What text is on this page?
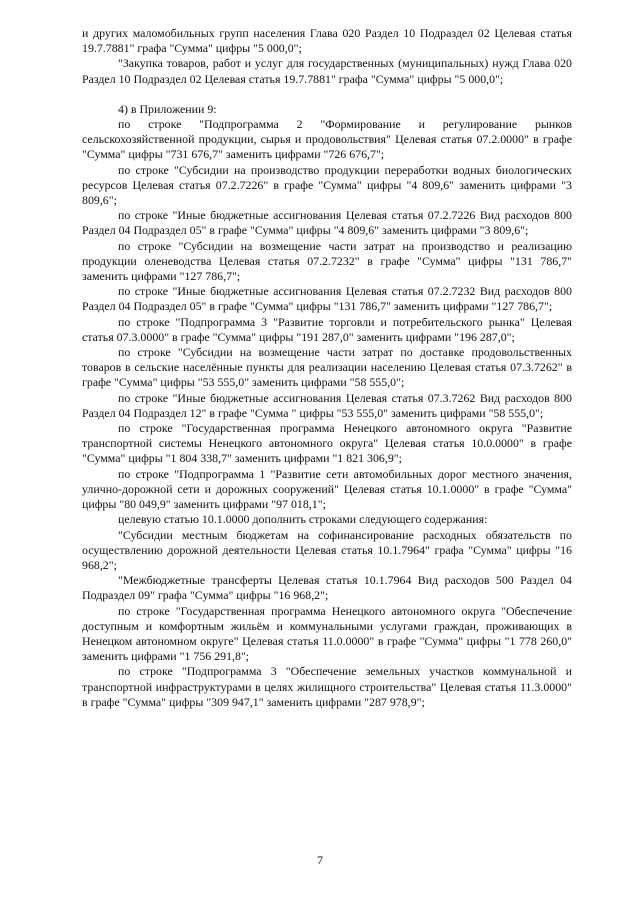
и других маломобильных групп населения Глава 020 Раздел 10 Подраздел 02 Целевая статья 19.7.7881" графа "Сумма" цифры "5 000,0";

"Закупка товаров, работ и услуг для государственных (муниципальных) нужд Глава 020 Раздел 10 Подраздел 02 Целевая статья 19.7.7881" графа "Сумма" цифры "5 000,0";

4) в Приложении 9:

по строке "Подпрограмма 2 "Формирование и регулирование рынков сельскохозяйственной продукции, сырья и продовольствия" Целевая статья 07.2.0000" в графе "Сумма" цифры "731 676,7" заменить цифрами "726 676,7";

по строке "Субсидии на производство продукции переработки водных биологических ресурсов Целевая статья 07.2.7226" в графе "Сумма" цифры "4 809,6" заменить цифрами "3 809,6";

по строке "Иные бюджетные ассигнования Целевая статья 07.2.7226 Вид расходов 800 Раздел 04 Подраздел 05" в графе "Сумма" цифры "4 809,6" заменить цифрами "3 809,6";

по строке "Субсидии на возмещение части затрат на производство и реализацию продукции оленеводства Целевая статья 07.2.7232" в графе "Сумма" цифры "131 786,7" заменить цифрами "127 786,7";

по строке "Иные бюджетные ассигнования Целевая статья 07.2.7232 Вид расходов 800 Раздел 04 Подраздел 05" в графе "Сумма" цифры "131 786,7" заменить цифрами "127 786,7";

по строке "Подпрограмма 3 "Развитие торговли и потребительского рынка" Целевая статья 07.3.0000" в графе "Сумма" цифры "191 287,0" заменить цифрами "196 287,0";

по строке "Субсидии на возмещение части затрат по доставке продовольственных товаров в сельские населённые пункты для реализации населению Целевая статья 07.3.7262" в графе "Сумма" цифры "53 555,0" заменить цифрами "58 555,0";

по строке "Иные бюджетные ассигнования Целевая статья 07.3.7262 Вид расходов 800 Раздел 04 Подраздел 12" в графе "Сумма " цифры "53 555,0" заменить цифрами "58 555,0";

по строке "Государственная программа Ненецкого автономного округа "Развитие транспортной системы Ненецкого автономного округа" Целевая статья 10.0.0000" в графе "Сумма" цифры "1 804 338,7" заменить цифрами "1 821 306,9";

по строке "Подпрограмма 1 "Развитие сети автомобильных дорог местного значения, улично-дорожной сети и дорожных сооружений" Целевая статья 10.1.0000" в графе "Сумма" цифры "80 049,9" заменить цифрами "97 018,1";

целевую статью 10.1.0000 дополнить строками следующего содержания:

"Субсидии местным бюджетам на софинансирование расходных обязательств по осуществлению дорожной деятельности Целевая статья 10.1.7964" графа "Сумма" цифры "16 968,2";

"Межбюджетные трансферты Целевая статья 10.1.7964 Вид расходов 500 Раздел 04 Подраздел 09" графа "Сумма" цифры "16 968,2";

по строке "Государственная программа Ненецкого автономного округа "Обеспечение доступным и комфортным жильём и коммунальными услугами граждан, проживающих в Ненецком автономном округе" Целевая статья 11.0.0000" в графе "Сумма" цифры "1 778 260,0" заменить цифрами "1 756 291,8";

по строке "Подпрограмма 3 "Обеспечение земельных участков коммунальной и транспортной инфраструктурами в целях жилищного строительства" Целевая статья 11.3.0000" в графе "Сумма" цифры "309 947,1" заменить цифрами "287 978,9";

7
